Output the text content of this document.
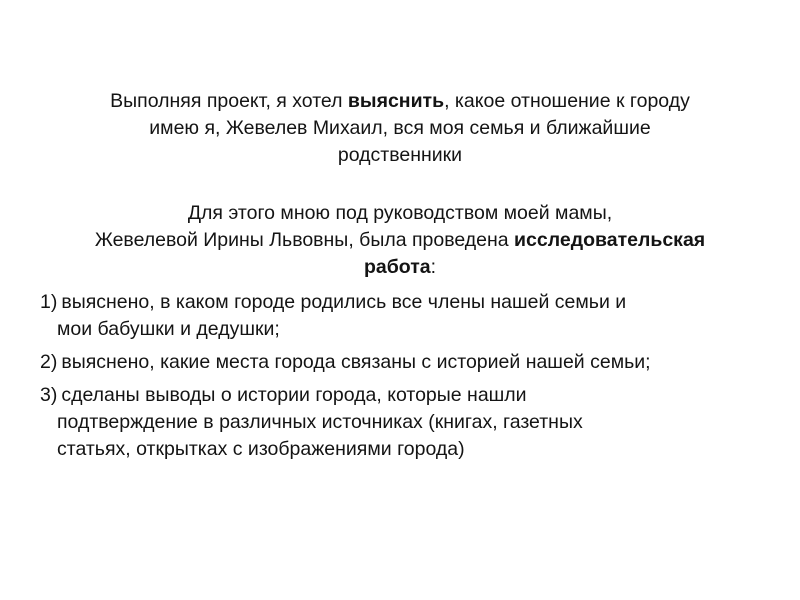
Выполняя проект, я хотел выяснить, какое отношение к городу
имею я, Жевелев Михаил, вся моя семья и ближайшие
родственники
Для этого мною под руководством моей мамы,
Жевелевой Ирины Львовны, была проведена исследовательская
работа:
1) выяснено, в каком городе родились все члены нашей семьи и
мои бабушки и дедушки;
2) выяснено, какие места города связаны с историей нашей семьи;
3) сделаны выводы о истории города, которые нашли
подтверждение в различных источниках (книгах, газетных
статьях, открытках с изображениями города)
